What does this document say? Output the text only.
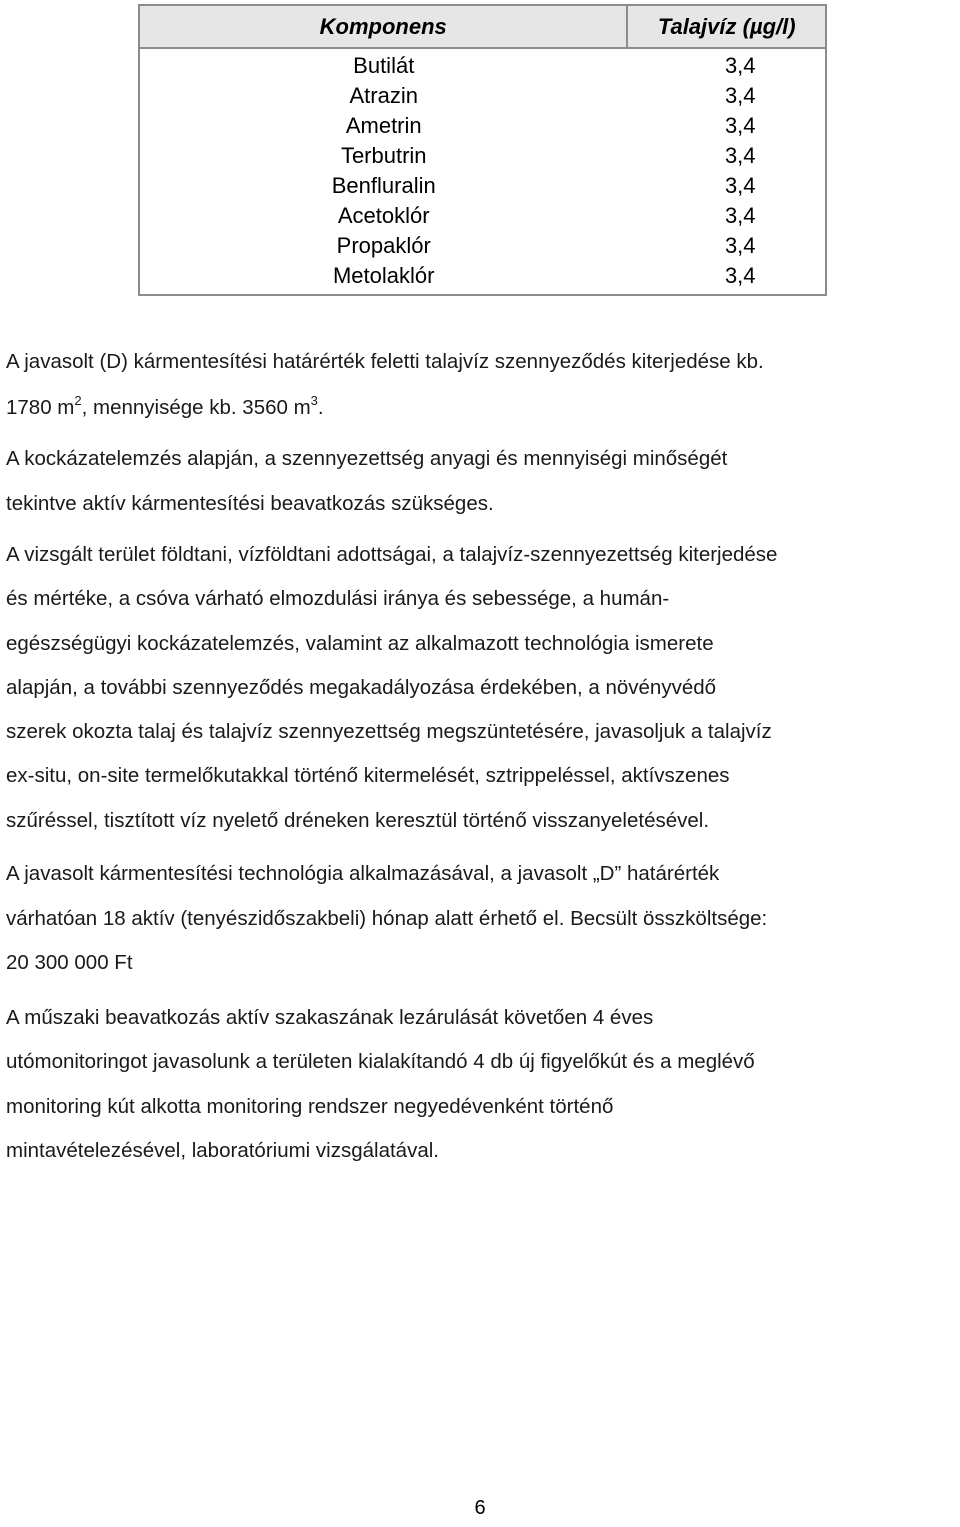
Komponens	Talajvíz (µg/l)
Butilát	3,4
Atrazin	3,4
Ametrin	3,4
Terbutrin	3,4
Benfluralin	3,4
Acetoklór	3,4
Propaklór	3,4
Metolaklór	3,4
A javasolt (D) kármentesítési határérték feletti talajvíz szennyeződés kiterjedése kb.
1780 $m^2$, mennyisége kb. 3560 $m^3$.
A kockázatelemzés alapján, a szennyezettség anyagi és mennyiségi minőségét
tekintve aktív kármentesítési beavatkozás szükséges.
A vizsgált terület földtani, vízföldtani adottságai, a talajvíz-szennyezettség kiterjedése
és mértéke, a csóva várható elmozdulási iránya és sebessége, a humán-
egészségügyi kockázatelemzés, valamint az alkalmazott technológia ismerete
alapján, a további szennyeződés megakadályozása érdekében, a növényvédő
szerek okozta talaj és talajvíz szennyezettség megszüntetésére, javasoljuk a talajvíz
ex-situ, on-site termelőkutakkal történő kitermelését, sztrippeléssel, aktívszenes
szűréssel, tisztított víz nyelető dréneken keresztül történő visszanyeletésével.
A javasolt kármentesítési technológia alkalmazásával, a javasolt „D” határérték
várhatóan 18 aktív (tenyészidőszakbeli) hónap alatt érhető el. Becsült összköltsége:
20 300 000 Ft
A műszaki beavatkozás aktív szakaszának lezárulását követően 4 éves
utómonitoringot javasolunk a területen kialakítandó 4 db új figyelőkút és a meglévő
monitoring kút alkotta monitoring rendszer negyedévenként történő
mintavételezésével, laboratóriumi vizsgálatával.
6
